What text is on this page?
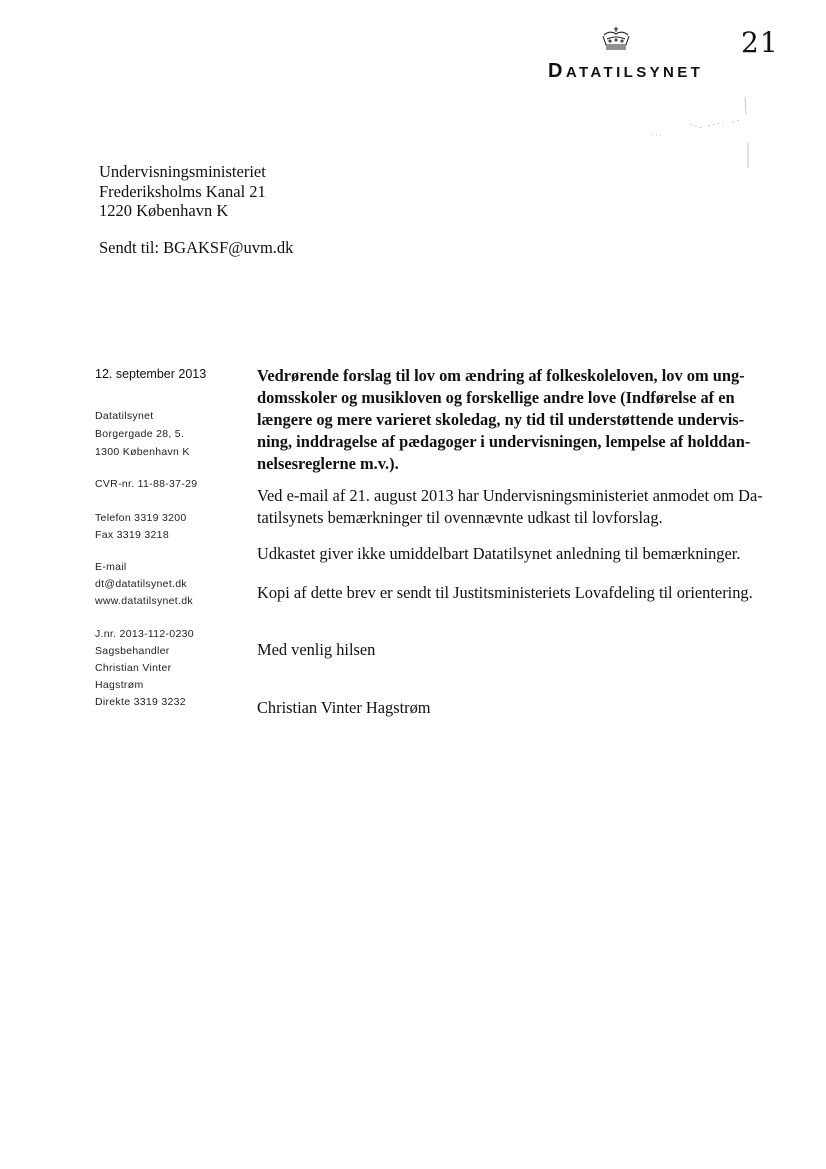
21
DATATILSYNET
Undervisningsministeriet
Frederiksholms Kanal 21
1220 København K
Sendt til: BGAKSF@uvm.dk
12. september 2013
Datatilsynet
Borgergade 28, 5.
1300 København K
CVR-nr. 11-88-37-29
Telefon 3319 3200
Fax 3319 3218
E-mail
dt@datatilsynet.dk
www.datatilsynet.dk
J.nr. 2013-112-0230
Sagsbehandler
Christian Vinter
Hagstrøm
Direkte 3319 3232
Vedrørende forslag til lov om ændring af folkeskoleloven, lov om ung-
domsskoler og musikloven og forskellige andre love (Indførelse af en
længere og mere varieret skoledag, ny tid til understøttende undervis-
ning, inddragelse af pædagoger i undervisningen, lempelse af holddan-
nelsesreglerne m.v.).
Ved e-mail af 21. august 2013 har Undervisningsministeriet anmodet om Da-
tatilsynets bemærkninger til ovennævnte udkast til lovforslag.
Udkastet giver ikke umiddelbart Datatilsynet anledning til bemærkninger.
Kopi af dette brev er sendt til Justitsministeriets Lovafdeling til orientering.
Med venlig hilsen
Christian Vinter Hagstrøm
